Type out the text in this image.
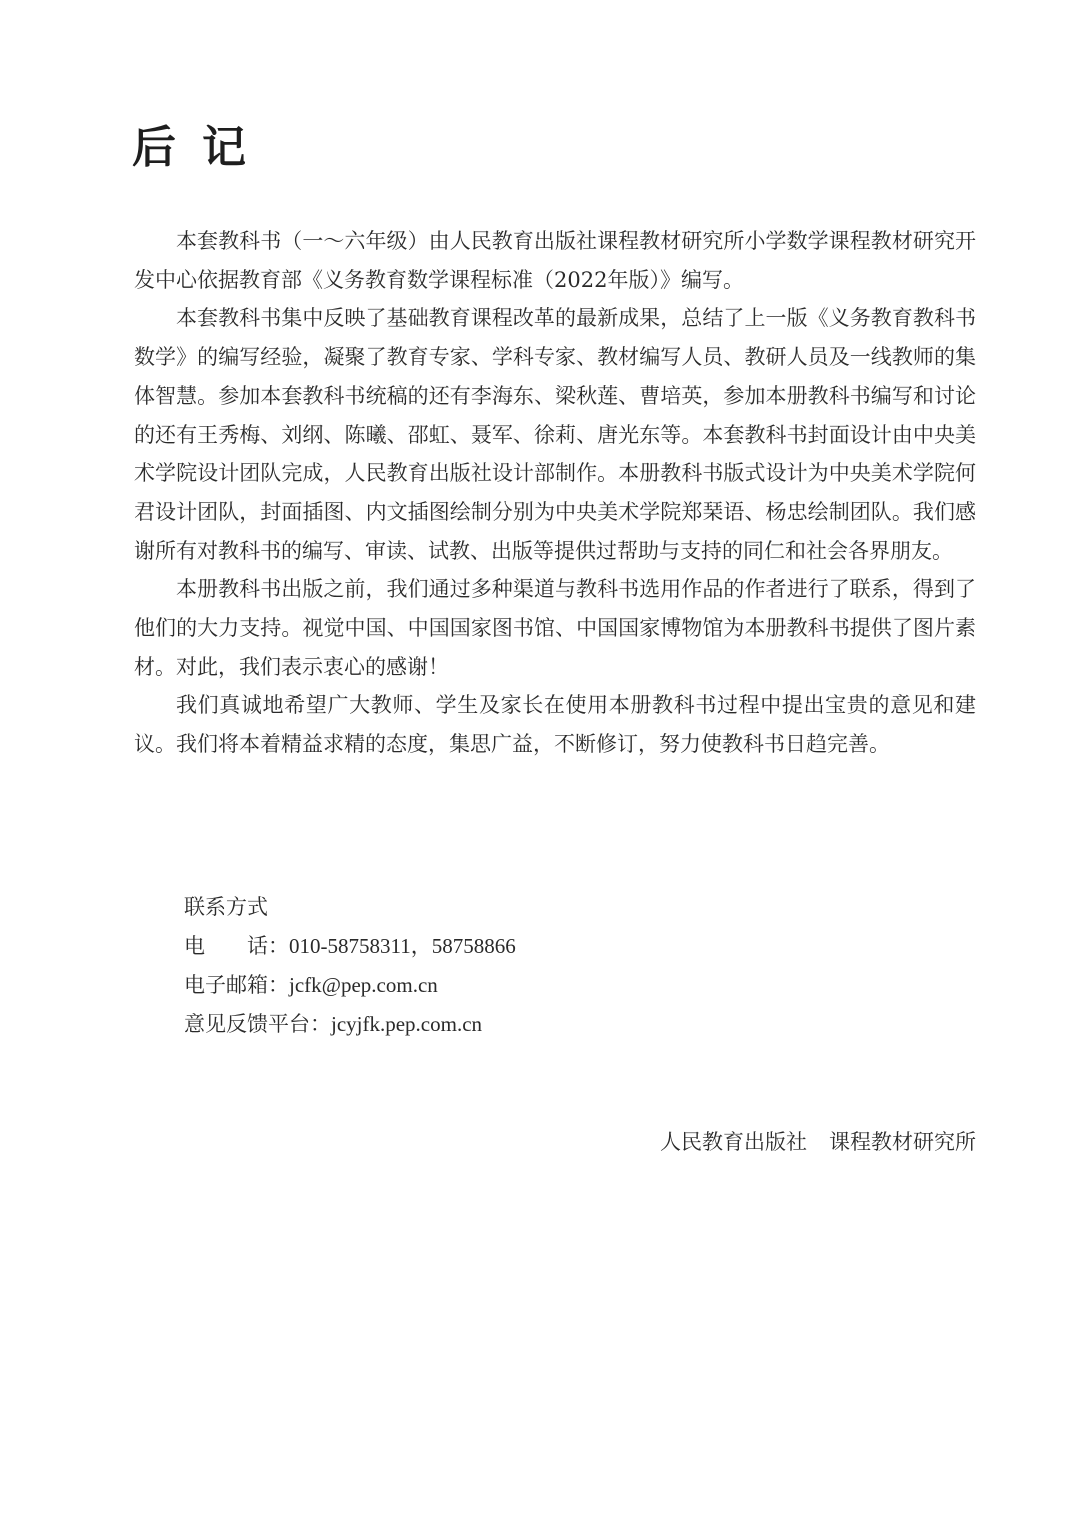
后记

本套教科书（一～六年级）由人民教育出版社课程教材研究所小学数学课程教材研究开发中心依据教育部《义务教育数学课程标准（2022年版）》编写。

本套教科书集中反映了基础教育课程改革的最新成果，总结了上一版《义务教育教科书　数学》的编写经验，凝聚了教育专家、学科专家、教材编写人员、教研人员及一线教师的集体智慧。参加本套教科书统稿的还有李海东、梁秋莲、曹培英，参加本册教科书编写和讨论的还有王秀梅、刘纲、陈曦、邵虹、聂军、徐莉、唐光东等。本套教科书封面设计由中央美术学院设计团队完成，人民教育出版社设计部制作。本册教科书版式设计为中央美术学院何君设计团队，封面插图、内文插图绘制分别为中央美术学院郑琹语、杨忠绘制团队。我们感谢所有对教科书的编写、审读、试教、出版等提供过帮助与支持的同仁和社会各界朋友。

本册教科书出版之前，我们通过多种渠道与教科书选用作品的作者进行了联系，得到了他们的大力支持。视觉中国、中国国家图书馆、中国国家博物馆为本册教科书提供了图片素材。对此，我们表示衷心的感谢！

我们真诚地希望广大教师、学生及家长在使用本册教科书过程中提出宝贵的意见和建议。我们将本着精益求精的态度，集思广益，不断修订，努力使教科书日趋完善。

联系方式
电　　话：010-58758311，58758866
电子邮箱：jcfk@pep.com.cn
意见反馈平台：jcyjfk.pep.com.cn
人民教育出版社 课程教材研究所
